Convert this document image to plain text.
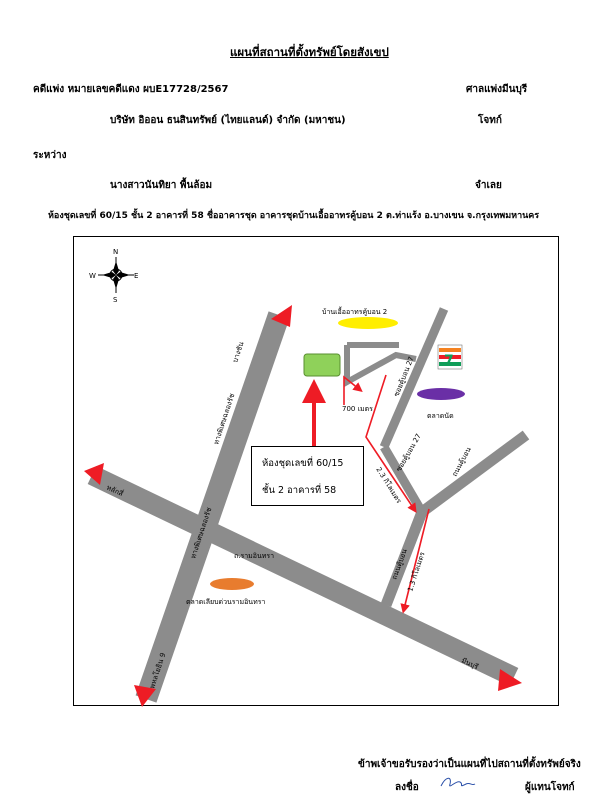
แผนที่สถานที่ตั้งทรัพย์โดยสังเขป
คดีแพ่ง หมายเลขคดีแดง ผบE17728/2567	ศาลแพ่งมีนบุรี
บริษัท อิออน ธนสินทรัพย์ (ไทยแลนด์) จำกัด (มหาชน)	โจทก์
ระหว่าง
นางสาวนันทิยา พื้นล้อม	จำเลย
ห้องชุดเลขที่ 60/15 ชั้น 2 อาคารที่ 58 ชื่ออาคารชุด อาคารชุดบ้านเอื้ออาทรคู้บอน 2 ต.ท่าแร้ง อ.บางเขน จ.กรุงเทพมหานคร
N
S
E
W
7
บ้านเอื้ออาทรคู้บอน 2
ตลาดนัด
700 เมตร
ตลาดเลียบด่วนรามอินทรา
ถ.รามอินทรา
ถนนคู้บอน
ถนนคู้บอน
ซอยคู้บอน 27
ซอยคู้บอน 27
2.3 กิโลเมตร
1.3 กิโลเมตร
บางชัน
หลักสี่
มีนบุรี
พหลโยธิน 9
ทางพิเศษฉลองรัช
ทางพิเศษฉลองรัช
ห้องชุดเลขที่ 60/15
ชั้น 2 อาคารที่ 58
ข้าพเจ้าขอรับรองว่าเป็นแผนที่ไปสถานที่ตั้งทรัพย์จริง
ลงชื่อ	ผู้แทนโจทก์
